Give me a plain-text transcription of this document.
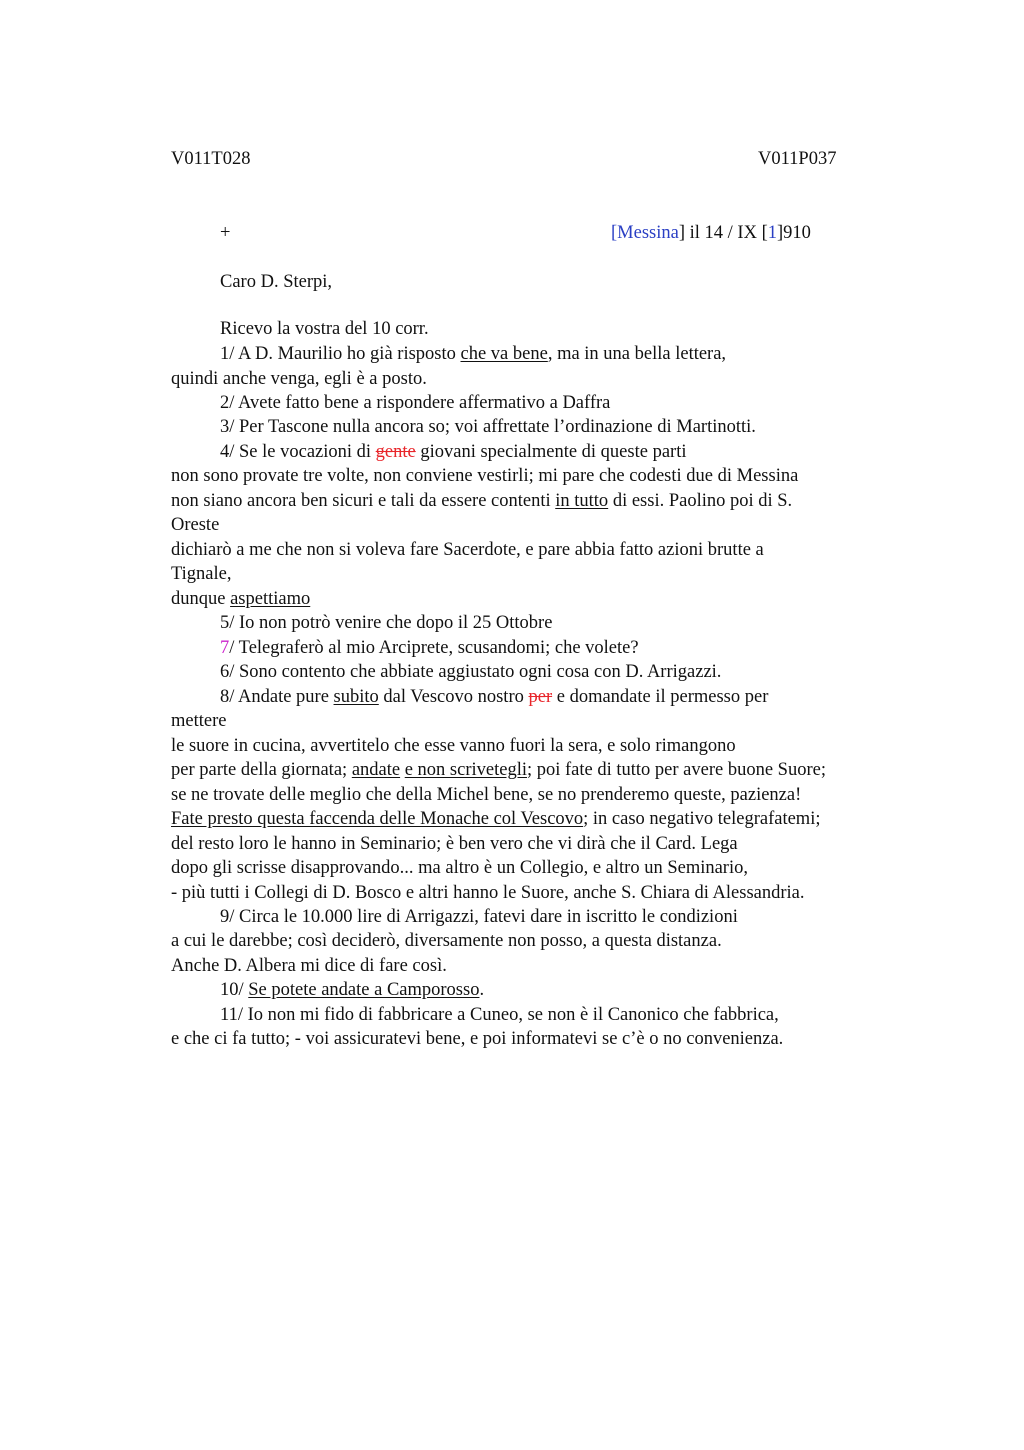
V011T028	V011P037
+	[Messina] il 14 / IX [1]910
Caro D. Sterpi,
Ricevo la vostra del 10 corr.
1/ A D. Maurilio ho già risposto che va bene, ma in una bella lettera,
quindi anche venga, egli è a posto.
2/ Avete fatto bene a rispondere affermativo a Daffra
3/ Per Tascone nulla ancora so; voi affrettate l’ordinazione di Martinotti.
4/ Se le vocazioni di gente giovani specialmente di queste parti
non sono provate tre volte, non conviene vestirli; mi pare che codesti due di Messina
non siano ancora ben sicuri e tali da essere contenti in tutto di essi. Paolino poi di S.
Oreste
dichiarò a me che non si voleva fare Sacerdote, e pare abbia fatto azioni brutte a
Tignale,
dunque aspettiamo
5/ Io non potrò venire che dopo il 25 Ottobre
7/ Telegraferò al mio Arciprete, scusandomi; che volete?
6/ Sono contento che abbiate aggiustato ogni cosa con D. Arrigazzi.
8/ Andate pure subito dal Vescovo nostro per e domandate il permesso per
mettere
le suore in cucina, avvertitelo che esse vanno fuori la sera, e solo rimangono
per parte della giornata; andate e non scrivetegli; poi fate di tutto per avere buone Suore;
se ne trovate delle meglio che della Michel bene, se no prenderemo queste, pazienza!
Fate presto questa faccenda delle Monache col Vescovo; in caso negativo telegrafatemi;
del resto loro le hanno in Seminario; è ben vero che vi dirà che il Card. Lega
dopo gli scrisse disapprovando... ma altro è un Collegio, e altro un Seminario,
- più tutti i Collegi di D. Bosco e altri hanno le Suore, anche S. Chiara di Alessandria.
9/ Circa le 10.000 lire di Arrigazzi, fatevi dare in iscritto le condizioni
a cui le darebbe; così deciderò, diversamente non posso, a questa distanza.
Anche D. Albera mi dice di fare così.
10/ Se potete andate a Camporosso.
11/ Io non mi fido di fabbricare a Cuneo, se non è il Canonico che fabbrica,
e che ci fa tutto; - voi assicuratevi bene, e poi informatevi se c’è o no convenienza.
